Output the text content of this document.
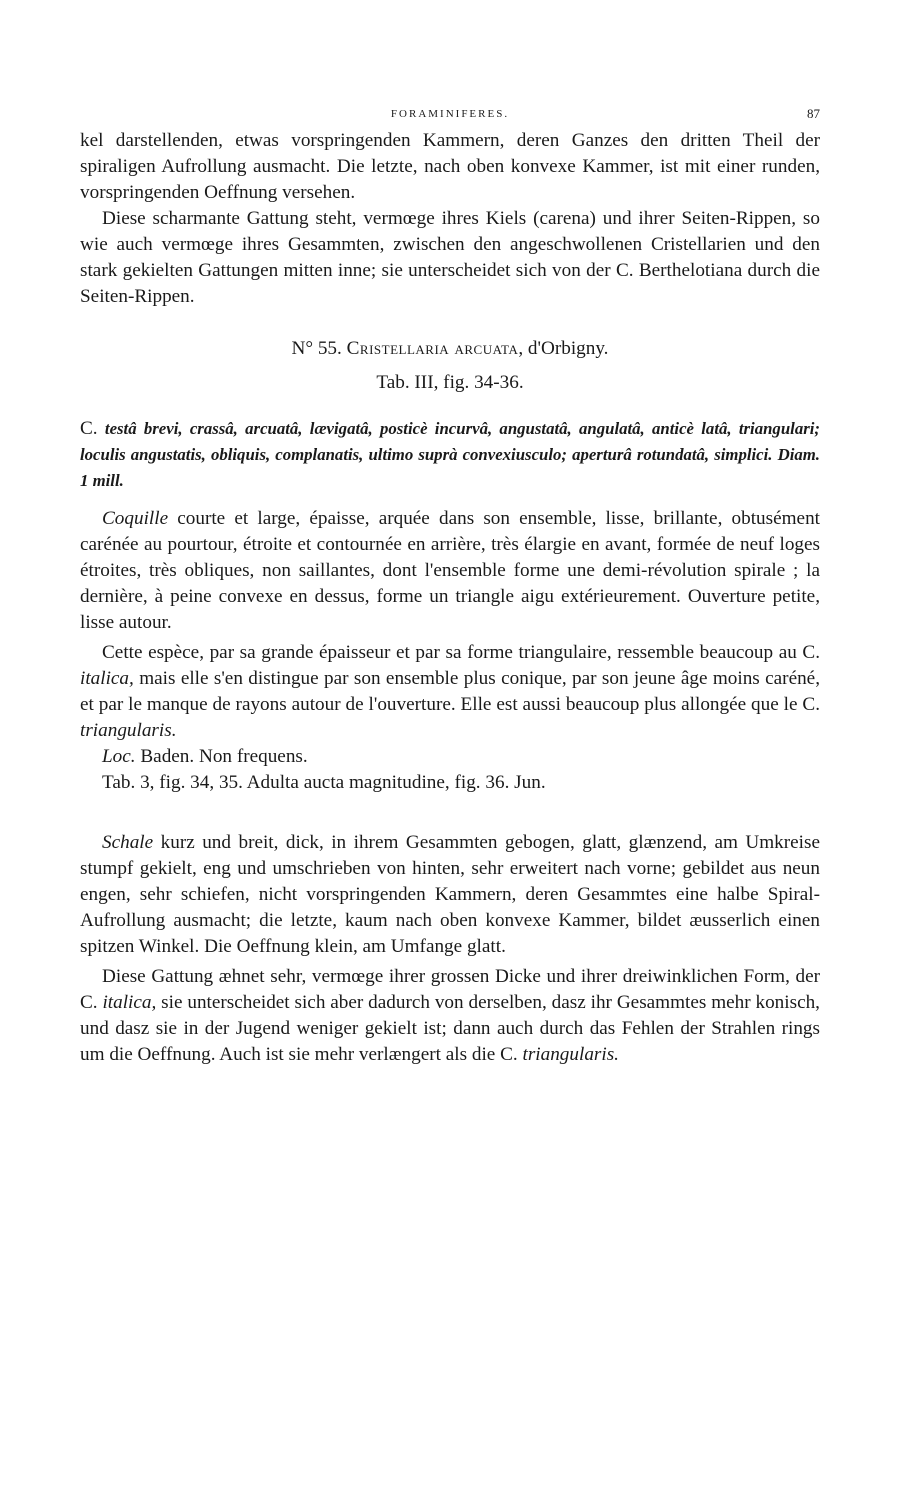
FORAMINIFERES.	87

kel darstellenden, etwas vorspringenden Kammern, deren Ganzes den dritten Theil der spiraligen Aufrollung ausmacht. Die letzte, nach oben konvexe Kammer, ist mit einer runden, vorspringenden Oeffnung versehen.

Diese scharmante Gattung steht, vermœge ihres Kiels (carena) und ihrer Seiten-Rippen, so wie auch vermœge ihres Gesammten, zwischen den angeschwollenen Cristellarien und den stark gekielten Gattungen mitten inne; sie unterscheidet sich von der C. Berthelotiana durch die Seiten-Rippen.

N° 55. Cristellaria arcuata, d'Orbigny.
Tab. III, fig. 34-36.
C. testâ brevi, crassâ, arcuatâ, lævigatâ, posticè incurvâ, angustatâ, angulatâ, anticè latâ, triangulari; loculis angustatis, obliquis, complanatis, ultimo suprà convexiusculo; aperturâ rotundatâ, simplici. Diam. 1 mill.

Coquille courte et large, épaisse, arquée dans son ensemble, lisse, brillante, obtusément carénée au pourtour, étroite et contournée en arrière, très élargie en avant, formée de neuf loges étroites, très obliques, non saillantes, dont l'ensemble forme une demi-révolution spirale ; la dernière, à peine convexe en dessus, forme un triangle aigu extérieurement. Ouverture petite, lisse autour.

Cette espèce, par sa grande épaisseur et par sa forme triangulaire, ressemble beaucoup au C. italica, mais elle s'en distingue par son ensemble plus conique, par son jeune âge moins caréné, et par le manque de rayons autour de l'ouverture. Elle est aussi beaucoup plus allongée que le C. triangularis.

Loc. Baden. Non frequens.

Tab. 3, fig. 34, 35. Adulta aucta magnitudine, fig. 36. Jun.

Schale kurz und breit, dick, in ihrem Gesammten gebogen, glatt, glænzend, am Umkreise stumpf gekielt, eng und umschrieben von hinten, sehr erweitert nach vorne; gebildet aus neun engen, sehr schiefen, nicht vorspringenden Kammern, deren Gesammtes eine halbe Spiral-Aufrollung ausmacht; die letzte, kaum nach oben konvexe Kammer, bildet æusserlich einen spitzen Winkel. Die Oeffnung klein, am Umfange glatt.

Diese Gattung æhnet sehr, vermœge ihrer grossen Dicke und ihrer dreiwinklichen Form, der C. italica, sie unterscheidet sich aber dadurch von derselben, dasz ihr Gesammtes mehr konisch, und dasz sie in der Jugend weniger gekielt ist; dann auch durch das Fehlen der Strahlen rings um die Oeffnung. Auch ist sie mehr verlængert als die C. triangularis.
